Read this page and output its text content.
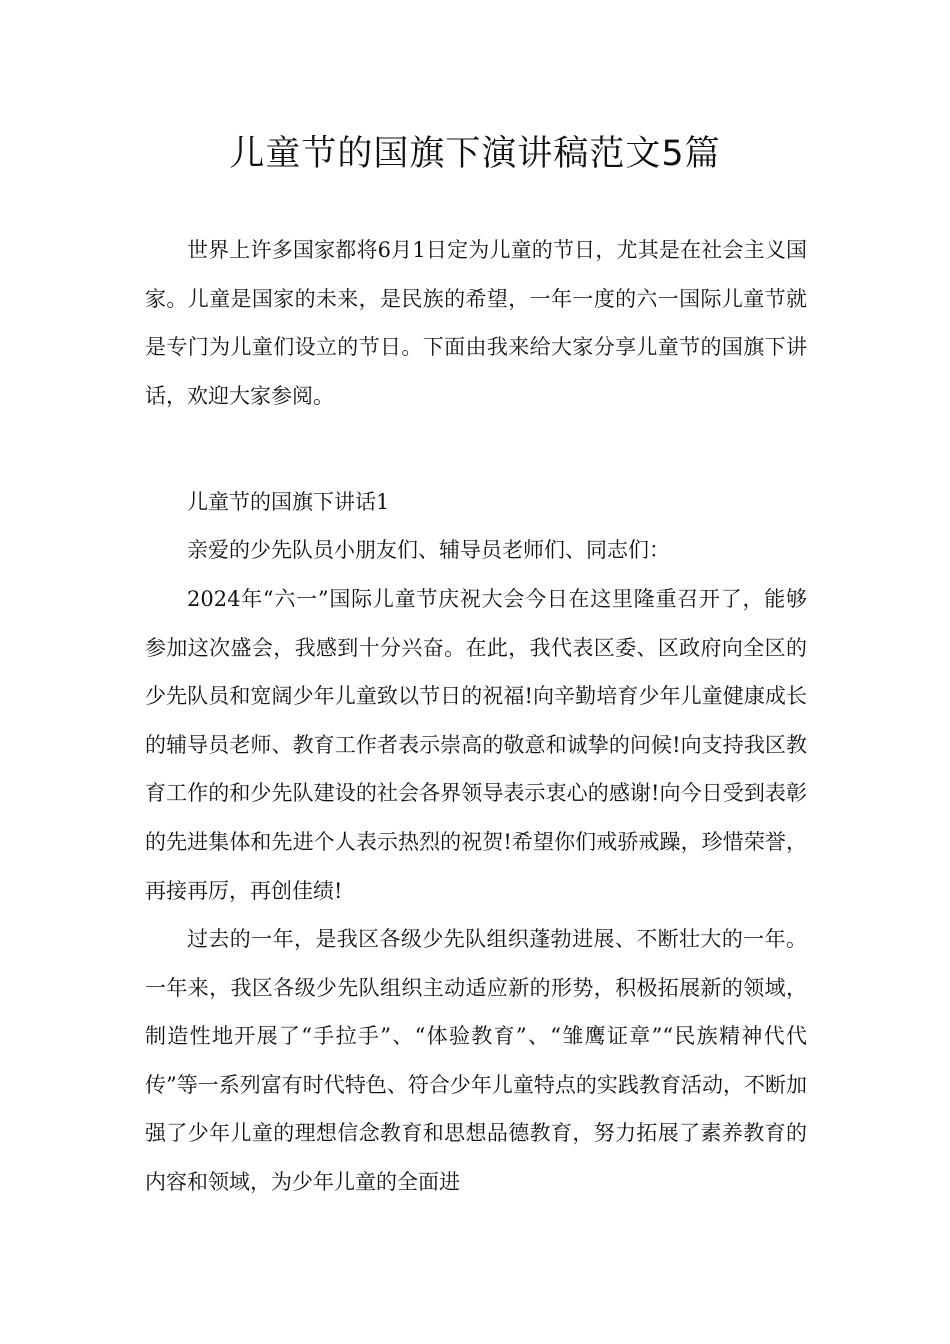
儿童节的国旗下演讲稿范文5篇

世界上许多国家都将6月1日定为儿童的节日，尤其是在社会主义国家。儿童是国家的未来，是民族的希望，一年一度的六一国际儿童节就是专门为儿童们设立的节日。下面由我来给大家分享儿童节的国旗下讲话，欢迎大家参阅。

儿童节的国旗下讲话1

亲爱的少先队员小朋友们、辅导员老师们、同志们：

2024年“六一”国际儿童节庆祝大会今日在这里隆重召开了，能够参加这次盛会，我感到十分兴奋。在此，我代表区委、区政府向全区的少先队员和宽阔少年儿童致以节日的祝福!向辛勤培育少年儿童健康成长的辅导员老师、教育工作者表示崇高的敬意和诚挚的问候!向支持我区教育工作的和少先队建设的社会各界领导表示衷心的感谢!向今日受到表彰的先进集体和先进个人表示热烈的祝贺!希望你们戒骄戒躁，珍惜荣誉，再接再厉，再创佳绩!

过去的一年，是我区各级少先队组织蓬勃进展、不断壮大的一年。一年来，我区各级少先队组织主动适应新的形势，积极拓展新的领域，制造性地开展了“手拉手”、“体验教育”、“雏鹰证章”“民族精神代代传”等一系列富有时代特色、符合少年儿童特点的实践教育活动，不断加强了少年儿童的理想信念教育和思想品德教育，努力拓展了素养教育的内容和领域，为少年儿童的全面进
